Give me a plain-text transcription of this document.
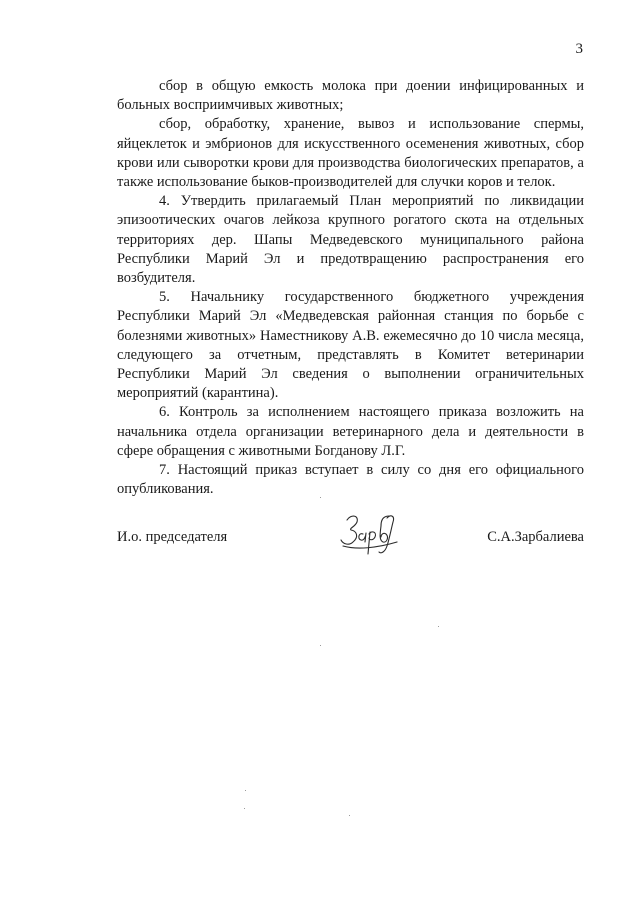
3

сбор в общую емкость молока при доении инфицированных и больных восприимчивых животных;

сбор, обработку, хранение, вывоз и использование спермы, яйцеклеток и эмбрионов для искусственного осеменения животных, сбор крови или сыворотки крови для производства биологических препаратов, а также использование быков-производителей для случки коров и телок.

4. Утвердить прилагаемый План мероприятий по ликвидации эпизоотических очагов лейкоза крупного рогатого скота на отдельных территориях дер. Шапы Медведевского муниципального района Республики Марий Эл и предотвращению распространения его возбудителя.

5. Начальнику государственного бюджетного учреждения Республики Марий Эл «Медведевская районная станция по борьбе с болезнями животных» Наместникову А.В. ежемесячно до 10 числа месяца, следующего за отчетным, представлять в Комитет ветеринарии Республики Марий Эл сведения о выполнении ограничительных мероприятий (карантина).

6. Контроль за исполнением настоящего приказа возложить на начальника отдела организации ветеринарного дела и деятельности в сфере обращения с животными Богданову Л.Г.

7. Настоящий приказ вступает в силу со дня его официального опубликования.

И.о. председателя	С.А.Зарбалиева
